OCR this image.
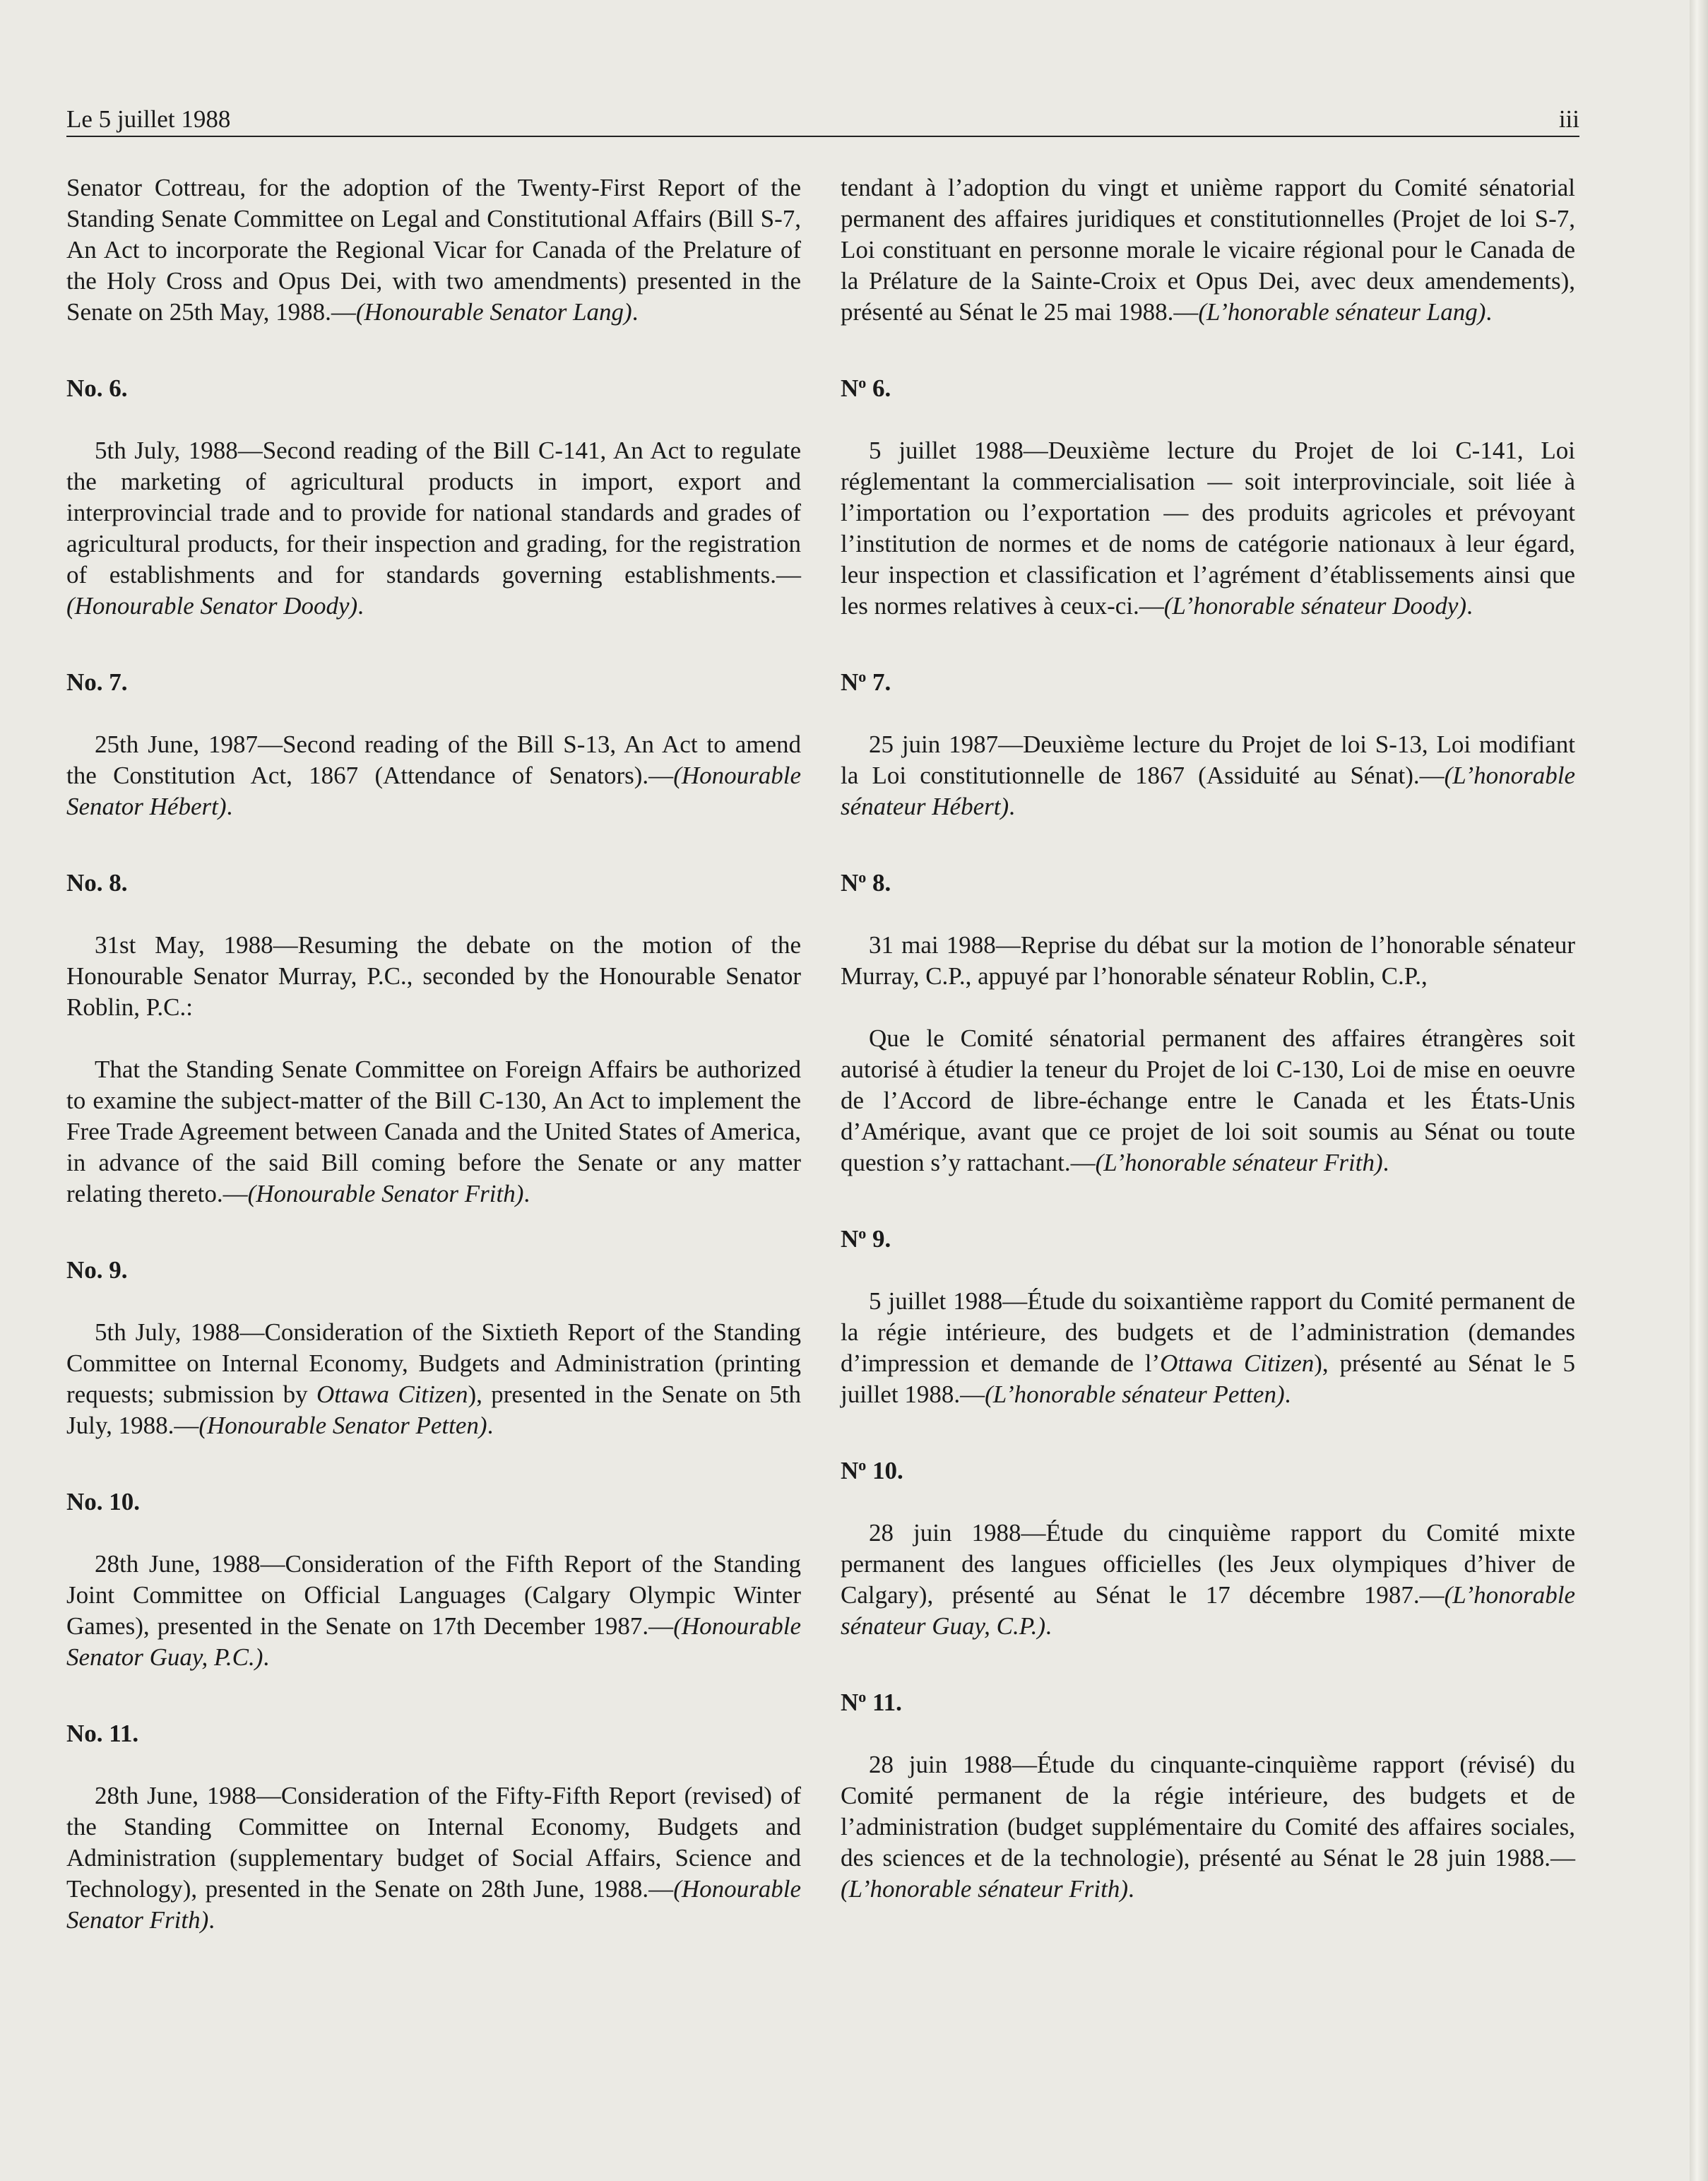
Le 5 juillet 1988	iii

Senator Cottreau, for the adoption of the Twenty-First Report of the Standing Senate Committee on Legal and Constitutional Affairs (Bill S-7, An Act to incorporate the Regional Vicar for Canada of the Prelature of the Holy Cross and Opus Dei, with two amendments) presented in the Senate on 25th May, 1988.—(Honourable Senator Lang).

No. 6.

5th July, 1988—Second reading of the Bill C-141, An Act to regulate the marketing of agricultural products in import, export and interprovincial trade and to provide for national standards and grades of agricultural products, for their inspection and grading, for the registration of establishments and for standards governing establishments.—(Honourable Senator Doody).

No. 7.

25th June, 1987—Second reading of the Bill S-13, An Act to amend the Constitution Act, 1867 (Attendance of Senators).—(Honourable Senator Hébert).

No. 8.

31st May, 1988—Resuming the debate on the motion of the Honourable Senator Murray, P.C., seconded by the Honourable Senator Roblin, P.C.:

That the Standing Senate Committee on Foreign Affairs be authorized to examine the subject-matter of the Bill C-130, An Act to implement the Free Trade Agreement between Canada and the United States of America, in advance of the said Bill coming before the Senate or any matter relating thereto.—(Honourable Senator Frith).

No. 9.

5th July, 1988—Consideration of the Sixtieth Report of the Standing Committee on Internal Economy, Budgets and Administration (printing requests; submission by Ottawa Citizen), presented in the Senate on 5th July, 1988.—(Honourable Senator Petten).

No. 10.

28th June, 1988—Consideration of the Fifth Report of the Standing Joint Committee on Official Languages (Calgary Olympic Winter Games), presented in the Senate on 17th December 1987.—(Honourable Senator Guay, P.C.).

No. 11.

28th June, 1988—Consideration of the Fifty-Fifth Report (revised) of the Standing Committee on Internal Economy, Budgets and Administration (supplementary budget of Social Affairs, Science and Technology), presented in the Senate on 28th June, 1988.—(Honourable Senator Frith).

tendant à l’adoption du vingt et unième rapport du Comité sénatorial permanent des affaires juridiques et constitutionnelles (Projet de loi S-7, Loi constituant en personne morale le vicaire régional pour le Canada de la Prélature de la Sainte-Croix et Opus Dei, avec deux amendements), présenté au Sénat le 25 mai 1988.—(L’honorable sénateur Lang).

$N^o$ 6.

5 juillet 1988—Deuxième lecture du Projet de loi C-141, Loi réglementant la commercialisation — soit interprovinciale, soit liée à l’importation ou l’exportation — des produits agricoles et prévoyant l’institution de normes et de noms de catégorie nationaux à leur égard, leur inspection et classification et l’agrément d’établissements ainsi que les normes relatives à ceux-ci.—(L’honorable sénateur Doody).

$N^o$ 7.

25 juin 1987—Deuxième lecture du Projet de loi S-13, Loi modifiant la Loi constitutionnelle de 1867 (Assiduité au Sénat).—(L’honorable sénateur Hébert).

$N^o$ 8.

31 mai 1988—Reprise du débat sur la motion de l’honorable sénateur Murray, C.P., appuyé par l’honorable sénateur Roblin, C.P.,

Que le Comité sénatorial permanent des affaires étrangères soit autorisé à étudier la teneur du Projet de loi C-130, Loi de mise en oeuvre de l’Accord de libre-échange entre le Canada et les États-Unis d’Amérique, avant que ce projet de loi soit soumis au Sénat ou toute question s’y rattachant.—(L’honorable sénateur Frith).

$N^o$ 9.

5 juillet 1988—Étude du soixantième rapport du Comité permanent de la régie intérieure, des budgets et de l’administration (demandes d’impression et demande de l’Ottawa Citizen), présenté au Sénat le 5 juillet 1988.—(L’honorable sénateur Petten).

$N^o$ 10.

28 juin 1988—Étude du cinquième rapport du Comité mixte permanent des langues officielles (les Jeux olympiques d’hiver de Calgary), présenté au Sénat le 17 décembre 1987.—(L’honorable sénateur Guay, C.P.).

$N^o$ 11.

28 juin 1988—Étude du cinquante-cinquième rapport (révisé) du Comité permanent de la régie intérieure, des budgets et de l’administration (budget supplémentaire du Comité des affaires sociales, des sciences et de la technologie), présenté au Sénat le 28 juin 1988.—(L’honorable sénateur Frith).
